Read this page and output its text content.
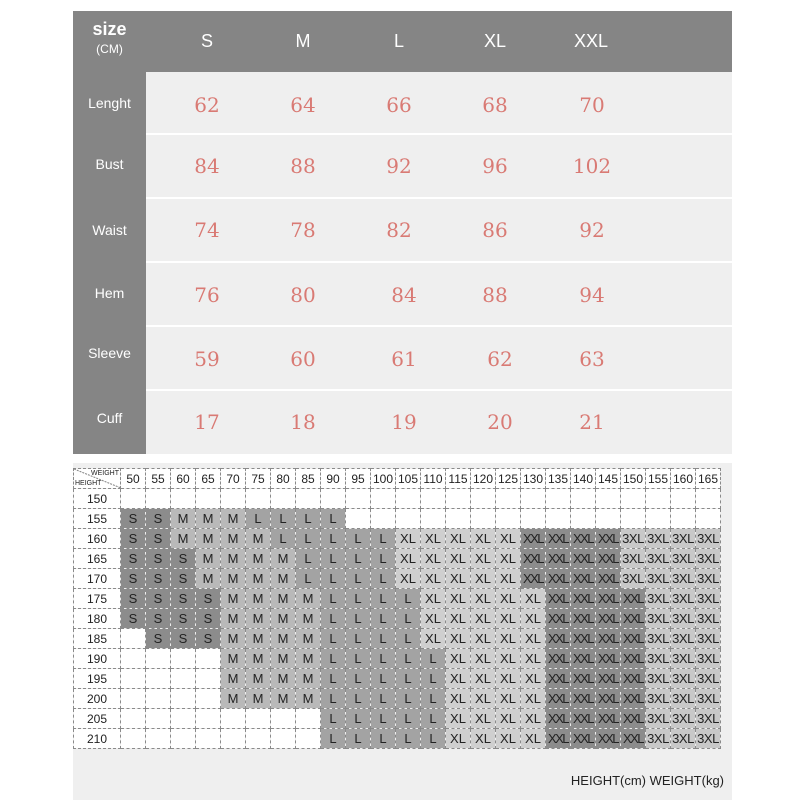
size
(CM)	S	M	L	XL	XXL
Lenght	62	64	66	68	70
Bust	84	88	92	96	102
Waist	74	78	82	86	92
Hem	76	80	84	88	94
Sleeve	59	60	61	62	63
Cuff	17	18	19	20	21
WEIGHT
HEIGHT	50	55	60	65	70	75	80	85	90	95	100	105	110	115	120	125	130	135	140	145	150	155	160	165
150																								
155	S	S	M	M	M	L	L	L	L															
160	S	S	M	M	M	M	L	L	L	L	L	XL	XL	XL	XL	XL	XXL	XXL	XXL	XXL	3XL	3XL	3XL	3XL
165	S	S	S	M	M	M	M	L	L	L	L	XL	XL	XL	XL	XL	XXL	XXL	XXL	XXL	3XL	3XL	3XL	3XL
170	S	S	S	M	M	M	M	L	L	L	L	XL	XL	XL	XL	XL	XXL	XXL	XXL	XXL	3XL	3XL	3XL	3XL
175	S	S	S	S	M	M	M	M	L	L	L	L	XL	XL	XL	XL	XL	XXL	XXL	XXL	XXL	3XL	3XL	3XL
180	S	S	S	S	M	M	M	M	L	L	L	L	XL	XL	XL	XL	XL	XXL	XXL	XXL	XXL	3XL	3XL	3XL
185		S	S	S	M	M	M	M	L	L	L	L	XL	XL	XL	XL	XL	XXL	XXL	XXL	XXL	3XL	3XL	3XL
190					M	M	M	M	L	L	L	L	L	XL	XL	XL	XL	XXL	XXL	XXL	XXL	3XL	3XL	3XL
195					M	M	M	M	L	L	L	L	L	XL	XL	XL	XL	XXL	XXL	XXL	XXL	3XL	3XL	3XL
200					M	M	M	M	L	L	L	L	L	XL	XL	XL	XL	XXL	XXL	XXL	XXL	3XL	3XL	3XL
205									L	L	L	L	L	XL	XL	XL	XL	XXL	XXL	XXL	XXL	3XL	3XL	3XL
210									L	L	L	L	L	XL	XL	XL	XL	XXL	XXL	XXL	XXL	3XL	3XL	3XL
HEIGHT(cm) WEIGHT(kg)
